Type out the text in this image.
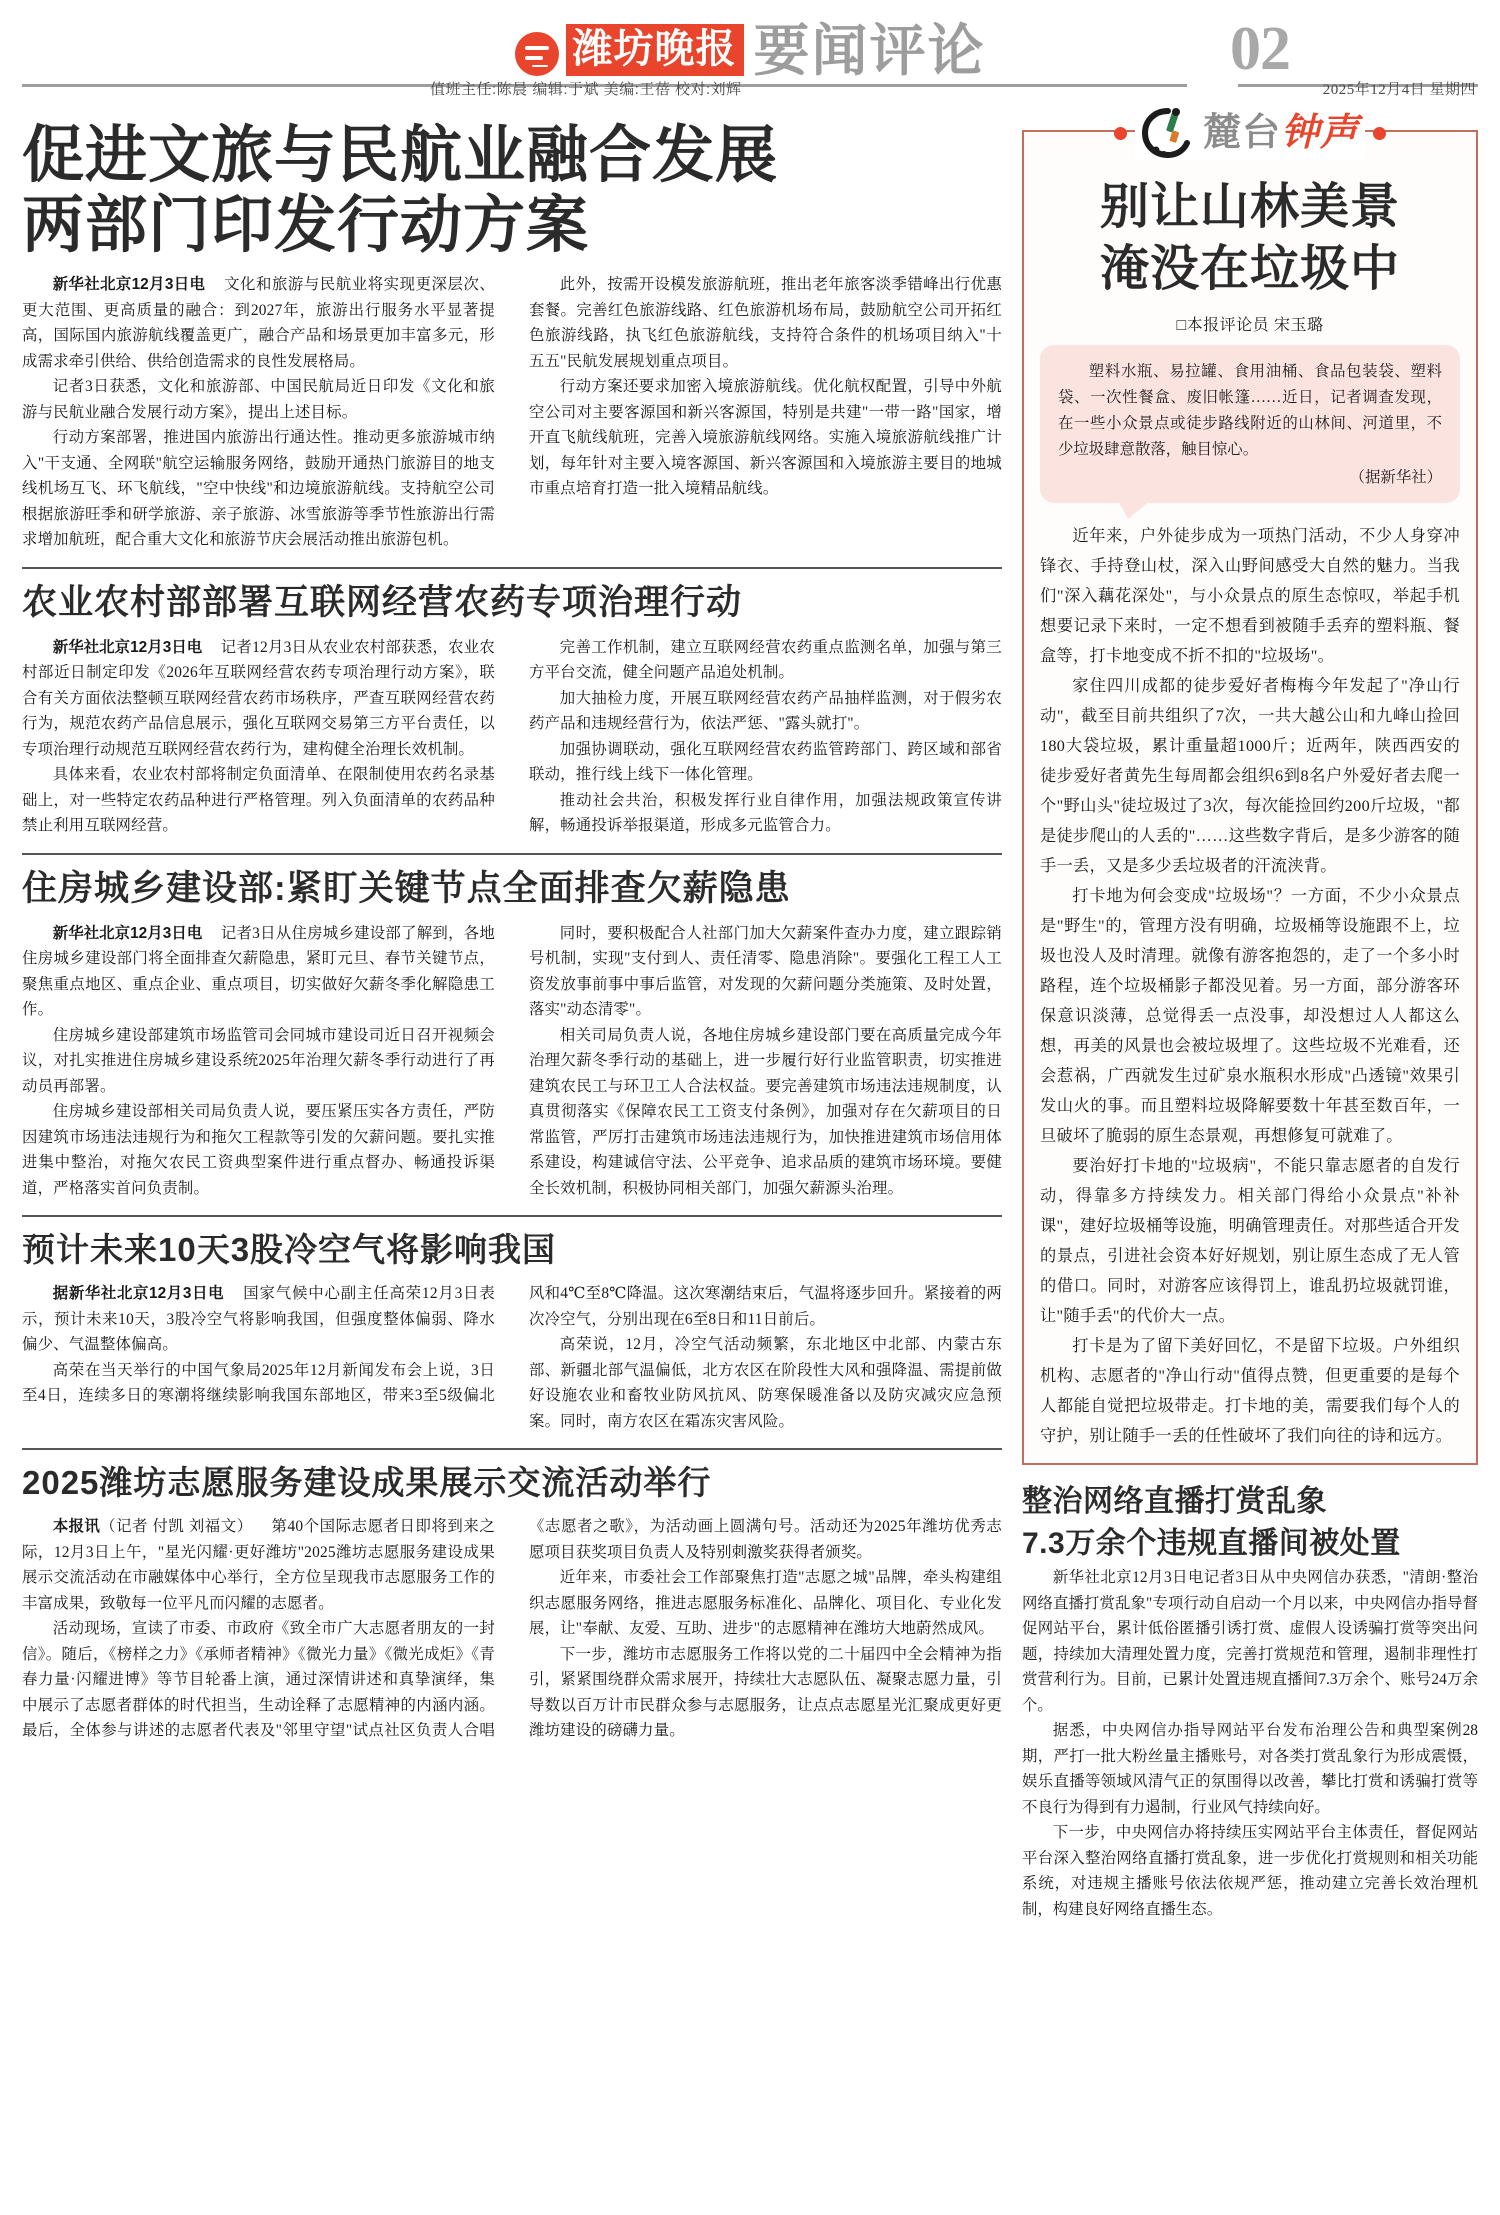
潍坊晚报 要闻评论	02
值班主任:陈晨 编辑:于斌 美编:王蓓 校对:刘辉	2025年12月4日 星期四
促进文旅与民航业融合发展
两部门印发行动方案

新华社北京12月3日电 文化和旅游与民航业将实现更深层次、更大范围、更高质量的融合：到2027年，旅游出行服务水平显著提高，国际国内旅游航线覆盖更广，融合产品和场景更加丰富多元，形成需求牵引供给、供给创造需求的良性发展格局。

记者3日获悉，文化和旅游部、中国民航局近日印发《文化和旅游与民航业融合发展行动方案》，提出上述目标。

行动方案部署，推进国内旅游出行通达性。推动更多旅游城市纳入"干支通、全网联"航空运输服务网络，鼓励开通热门旅游目的地支线机场互飞、环飞航线，"空中快线"和边境旅游航线。支持航空公司根据旅游旺季和研学旅游、亲子旅游、冰雪旅游等季节性旅游出行需求增加航班，配合重大文化和旅游节庆会展活动推出旅游包机。

此外，按需开设模发旅游航班，推出老年旅客淡季错峰出行优惠套餐。完善红色旅游线路、红色旅游机场布局，鼓励航空公司开拓红色旅游线路，执飞红色旅游航线，支持符合条件的机场项目纳入"十五五"民航发展规划重点项目。

行动方案还要求加密入境旅游航线。优化航权配置，引导中外航空公司对主要客源国和新兴客源国，特别是共建"一带一路"国家，增开直飞航线航班，完善入境旅游航线网络。实施入境旅游航线推广计划，每年针对主要入境客源国、新兴客源国和入境旅游主要目的地城市重点培育打造一批入境精品航线。

农业农村部部署互联网经营农药专项治理行动

新华社北京12月3日电 记者12月3日从农业农村部获悉，农业农村部近日制定印发《2026年互联网经营农药专项治理行动方案》，联合有关方面依法整顿互联网经营农药市场秩序，严查互联网经营农药行为，规范农药产品信息展示，强化互联网交易第三方平台责任，以专项治理行动规范互联网经营农药行为，建构健全治理长效机制。

具体来看，农业农村部将制定负面清单、在限制使用农药名录基础上，对一些特定农药品种进行严格管理。列入负面清单的农药品种禁止利用互联网经营。

完善工作机制，建立互联网经营农药重点监测名单，加强与第三方平台交流，健全问题产品追处机制。

加大抽检力度，开展互联网经营农药产品抽样监测，对于假劣农药产品和违规经营行为，依法严惩、"露头就打"。

加强协调联动，强化互联网经营农药监管跨部门、跨区域和部省联动，推行线上线下一体化管理。

推动社会共治，积极发挥行业自律作用，加强法规政策宣传讲解，畅通投诉举报渠道，形成多元监管合力。

住房城乡建设部:紧盯关键节点全面排查欠薪隐患

新华社北京12月3日电 记者3日从住房城乡建设部了解到，各地住房城乡建设部门将全面排查欠薪隐患，紧盯元旦、春节关键节点，聚焦重点地区、重点企业、重点项目，切实做好欠薪冬季化解隐患工作。

住房城乡建设部建筑市场监管司会同城市建设司近日召开视频会议，对扎实推进住房城乡建设系统2025年治理欠薪冬季行动进行了再动员再部署。

住房城乡建设部相关司局负责人说，要压紧压实各方责任，严防因建筑市场违法违规行为和拖欠工程款等引发的欠薪问题。要扎实推进集中整治，对拖欠农民工资典型案件进行重点督办、畅通投诉渠道，严格落实首问负责制。

同时，要积极配合人社部门加大欠薪案件查办力度，建立跟踪销号机制，实现"支付到人、责任清零、隐患消除"。要强化工程工人工资发放事前事中事后监管，对发现的欠薪问题分类施策、及时处置，落实"动态清零"。

相关司局负责人说，各地住房城乡建设部门要在高质量完成今年治理欠薪冬季行动的基础上，进一步履行好行业监管职责，切实推进建筑农民工与环卫工人合法权益。要完善建筑市场违法违规制度，认真贯彻落实《保障农民工工资支付条例》，加强对存在欠薪项目的日常监管，严厉打击建筑市场违法违规行为，加快推进建筑市场信用体系建设，构建诚信守法、公平竞争、追求品质的建筑市场环境。要健全长效机制，积极协同相关部门，加强欠薪源头治理。

预计未来10天3股冷空气将影响我国

据新华社北京12月3日电 国家气候中心副主任高荣12月3日表示，预计未来10天，3股冷空气将影响我国，但强度整体偏弱、降水偏少、气温整体偏高。

高荣在当天举行的中国气象局2025年12月新闻发布会上说，3日至4日，连续多日的寒潮将继续影响我国东部地区，带来3至5级偏北风和4℃至8℃降温。这次寒潮结束后，气温将逐步回升。紧接着的两次冷空气，分别出现在6至8日和11日前后。

高荣说，12月，冷空气活动频繁，东北地区中北部、内蒙古东部、新疆北部气温偏低，北方农区在阶段性大风和强降温、需提前做好设施农业和畜牧业防风抗风、防寒保暖准备以及防灾减灾应急预案。同时，南方农区在霜冻灾害风险。

2025潍坊志愿服务建设成果展示交流活动举行

本报讯（记者 付凯 刘福文） 第40个国际志愿者日即将到来之际，12月3日上午，"星光闪耀·更好潍坊"2025潍坊志愿服务建设成果展示交流活动在市融媒体中心举行，全方位呈现我市志愿服务工作的丰富成果，致敬每一位平凡而闪耀的志愿者。

活动现场，宣读了市委、市政府《致全市广大志愿者朋友的一封信》。随后，《榜样之力》《承师者精神》《微光力量》《微光成炬》《青春力量·闪耀进博》等节目轮番上演，通过深情讲述和真挚演绎，集中展示了志愿者群体的时代担当，生动诠释了志愿精神的内涵内涵。最后，全体参与讲述的志愿者代表及"邻里守望"试点社区负责人合唱《志愿者之歌》，为活动画上圆满句号。活动还为2025年潍坊优秀志愿项目获奖项目负责人及特别刺激奖获得者颁奖。

近年来，市委社会工作部聚焦打造"志愿之城"品牌，牵头构建组织志愿服务网络，推进志愿服务标准化、品牌化、项目化、专业化发展，让"奉献、友爱、互助、进步"的志愿精神在潍坊大地蔚然成风。

下一步，潍坊市志愿服务工作将以党的二十届四中全会精神为指引，紧紧围绕群众需求展开，持续壮大志愿队伍、凝聚志愿力量，引导数以百万计市民群众参与志愿服务，让点点志愿星光汇聚成更好更潍坊建设的磅礴力量。

麓台 钟声
别让山林美景
淹没在垃圾中
□本报评论员 宋玉璐
塑料水瓶、易拉罐、食用油桶、食品包装袋、塑料袋、一次性餐盒、废旧帐篷……近日，记者调查发现，在一些小众景点或徒步路线附近的山林间、河道里，不少垃圾肆意散落，触目惊心。
（据新华社）

近年来，户外徒步成为一项热门活动，不少人身穿冲锋衣、手持登山杖，深入山野间感受大自然的魅力。当我们"深入藕花深处"，与小众景点的原生态惊叹，举起手机想要记录下来时，一定不想看到被随手丢弃的塑料瓶、餐盒等，打卡地变成不折不扣的"垃圾场"。

家住四川成都的徒步爱好者梅梅今年发起了"净山行动"，截至目前共组织了7次，一共大越公山和九峰山捡回180大袋垃圾，累计重量超1000斤；近两年，陕西西安的徒步爱好者黄先生每周都会组织6到8名户外爱好者去爬一个"野山头"徒垃圾过了3次，每次能捡回约200斤垃圾，"都是徒步爬山的人丢的"……这些数字背后，是多少游客的随手一丢，又是多少丢垃圾者的汗流浃背。

打卡地为何会变成"垃圾场"？一方面，不少小众景点是"野生"的，管理方没有明确，垃圾桶等设施跟不上，垃圾也没人及时清理。就像有游客抱怨的，走了一个多小时路程，连个垃圾桶影子都没见着。另一方面，部分游客环保意识淡薄，总觉得丢一点没事，却没想过人人都这么想，再美的风景也会被垃圾埋了。这些垃圾不光难看，还会惹祸，广西就发生过矿泉水瓶积水形成"凸透镜"效果引发山火的事。而且塑料垃圾降解要数十年甚至数百年，一旦破坏了脆弱的原生态景观，再想修复可就难了。

要治好打卡地的"垃圾病"，不能只靠志愿者的自发行动，得靠多方持续发力。相关部门得给小众景点"补补课"，建好垃圾桶等设施，明确管理责任。对那些适合开发的景点，引进社会资本好好规划，别让原生态成了无人管的借口。同时，对游客应该得罚上，谁乱扔垃圾就罚谁，让"随手丢"的代价大一点。

打卡是为了留下美好回忆，不是留下垃圾。户外组织机构、志愿者的"净山行动"值得点赞，但更重要的是每个人都能自觉把垃圾带走。打卡地的美，需要我们每个人的守护，别让随手一丢的任性破坏了我们向往的诗和远方。

整治网络直播打赏乱象
7.3万余个违规直播间被处置

新华社北京12月3日电记者3日从中央网信办获悉，"清朗·整治网络直播打赏乱象"专项行动自启动一个月以来，中央网信办指导督促网站平台，累计低俗匿播引诱打赏、虚假人设诱骗打赏等突出问题，持续加大清理处置力度，完善打赏规范和管理，遏制非理性打赏营利行为。目前，已累计处置违规直播间7.3万余个、账号24万余个。

据悉，中央网信办指导网站平台发布治理公告和典型案例28期，严打一批大粉丝量主播账号，对各类打赏乱象行为形成震慑，娱乐直播等领域风清气正的氛围得以改善，攀比打赏和诱骗打赏等不良行为得到有力遏制，行业风气持续向好。

下一步，中央网信办将持续压实网站平台主体责任，督促网站平台深入整治网络直播打赏乱象，进一步优化打赏规则和相关功能系统，对违规主播账号依法依规严惩，推动建立完善长效治理机制，构建良好网络直播生态。
